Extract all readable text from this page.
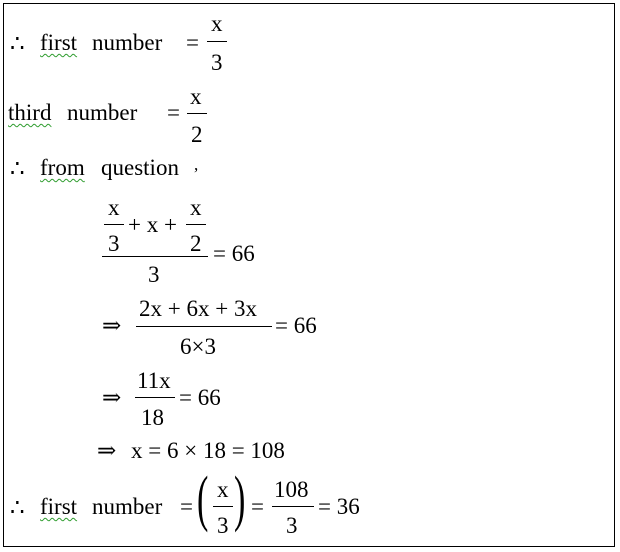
∴ first number =
x
3
third number =
x
2
∴ from question ,
x
3
+ x +
x
2
3
= 66
⇒
2x + 6x + 3x
6×3
= 66
⇒
11x
18
= 66
⇒ x = 6 × 18 = 108
∴ first number = ( x
3 ) =
108
3
= 36
